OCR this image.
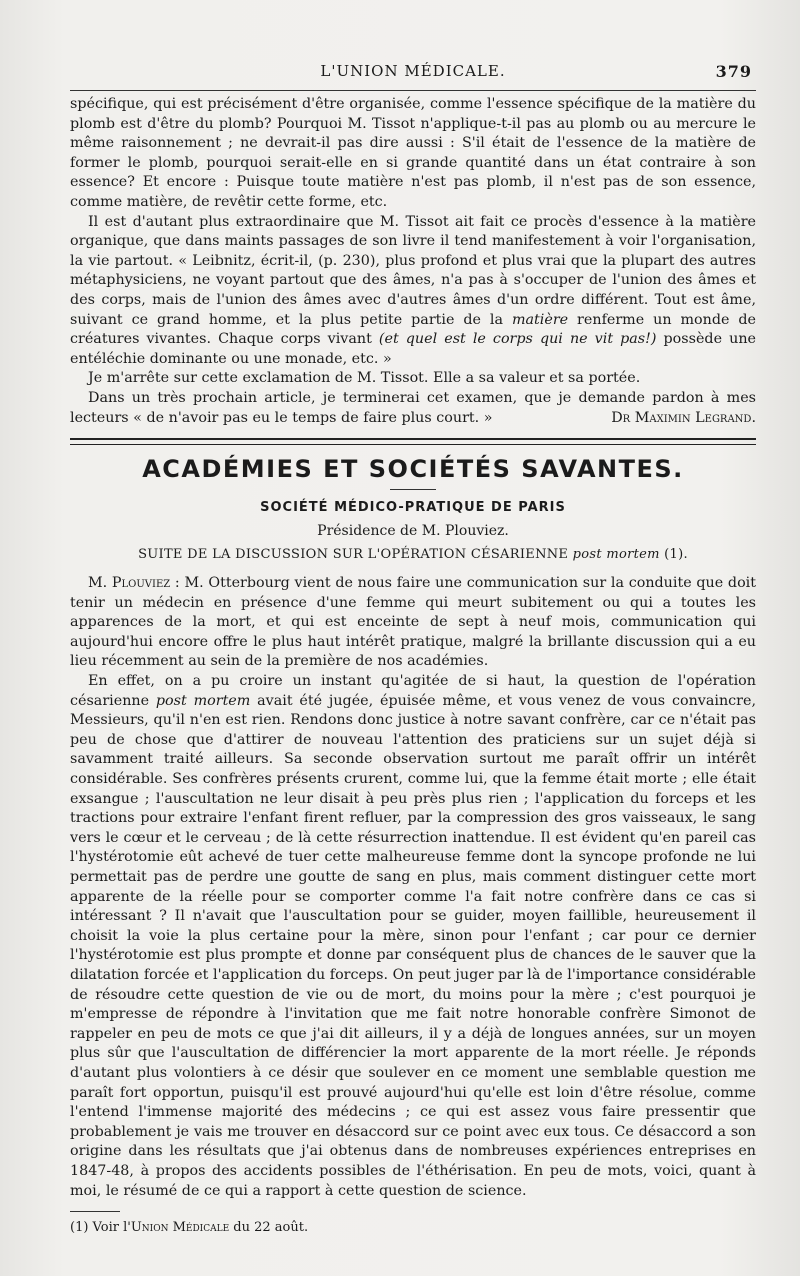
L'UNION MÉDICALE.	379

spécifique, qui est précisément d'être organisée, comme l'essence spécifique de la matière du plomb est d'être du plomb? Pourquoi M. Tissot n'applique-t-il pas au plomb ou au mercure le même raisonnement ; ne devrait-il pas dire aussi : S'il était de l'essence de la matière de former le plomb, pourquoi serait-elle en si grande quantité dans un état contraire à son essence? Et encore : Puisque toute matière n'est pas plomb, il n'est pas de son essence, comme matière, de revêtir cette forme, etc.

Il est d'autant plus extraordinaire que M. Tissot ait fait ce procès d'essence à la matière organique, que dans maints passages de son livre il tend manifestement à voir l'organisation, la vie partout. « Leibnitz, écrit-il, (p. 230), plus profond et plus vrai que la plupart des autres métaphysiciens, ne voyant partout que des âmes, n'a pas à s'occuper de l'union des âmes et des corps, mais de l'union des âmes avec d'autres âmes d'un ordre différent. Tout est âme, suivant ce grand homme, et la plus petite partie de la matière renferme un monde de créatures vivantes. Chaque corps vivant (et quel est le corps qui ne vit pas!) possède une entéléchie dominante ou une monade, etc. »

Je m'arrête sur cette exclamation de M. Tissot. Elle a sa valeur et sa portée.

Dans un très prochain article, je terminerai cet examen, que je demande pardon à mes lecteurs « de n'avoir pas eu le temps de faire plus court. »	Dr Maximin Legrand.

ACADÉMIES ET SOCIÉTÉS SAVANTES.
SOCIÉTÉ MÉDICO-PRATIQUE DE PARIS
Présidence de M. Plouviez.
SUITE DE LA DISCUSSION SUR L'OPÉRATION CÉSARIENNE post mortem (1).

M. Plouviez : M. Otterbourg vient de nous faire une communication sur la conduite que doit tenir un médecin en présence d'une femme qui meurt subitement ou qui a toutes les apparences de la mort, et qui est enceinte de sept à neuf mois, communication qui aujourd'hui encore offre le plus haut intérêt pratique, malgré la brillante discussion qui a eu lieu récemment au sein de la première de nos académies.

En effet, on a pu croire un instant qu'agitée de si haut, la question de l'opération césarienne post mortem avait été jugée, épuisée même, et vous venez de vous convaincre, Messieurs, qu'il n'en est rien. Rendons donc justice à notre savant confrère, car ce n'était pas peu de chose que d'attirer de nouveau l'attention des praticiens sur un sujet déjà si savamment traité ailleurs. Sa seconde observation surtout me paraît offrir un intérêt considérable. Ses confrères présents crurent, comme lui, que la femme était morte ; elle était exsangue ; l'auscultation ne leur disait à peu près plus rien ; l'application du forceps et les tractions pour extraire l'enfant firent refluer, par la compression des gros vaisseaux, le sang vers le cœur et le cerveau ; de là cette résurrection inattendue. Il est évident qu'en pareil cas l'hystérotomie eût achevé de tuer cette malheureuse femme dont la syncope profonde ne lui permettait pas de perdre une goutte de sang en plus, mais comment distinguer cette mort apparente de la réelle pour se comporter comme l'a fait notre confrère dans ce cas si intéressant ? Il n'avait que l'auscultation pour se guider, moyen faillible, heureusement il choisit la voie la plus certaine pour la mère, sinon pour l'enfant ; car pour ce dernier l'hystérotomie est plus prompte et donne par conséquent plus de chances de le sauver que la dilatation forcée et l'application du forceps. On peut juger par là de l'importance considérable de résoudre cette question de vie ou de mort, du moins pour la mère ; c'est pourquoi je m'empresse de répondre à l'invitation que me fait notre honorable confrère Simonot de rappeler en peu de mots ce que j'ai dit ailleurs, il y a déjà de longues années, sur un moyen plus sûr que l'auscultation de différencier la mort apparente de la mort réelle. Je réponds d'autant plus volontiers à ce désir que soulever en ce moment une semblable question me paraît fort opportun, puisqu'il est prouvé aujourd'hui qu'elle est loin d'être résolue, comme l'entend l'immense majorité des médecins ; ce qui est assez vous faire pressentir que probablement je vais me trouver en désaccord sur ce point avec eux tous. Ce désaccord a son origine dans les résultats que j'ai obtenus dans de nombreuses expériences entreprises en 1847-48, à propos des accidents possibles de l'éthérisation. En peu de mots, voici, quant à moi, le résumé de ce qui a rapport à cette question de science.

(1) Voir l'Union Médicale du 22 août.
